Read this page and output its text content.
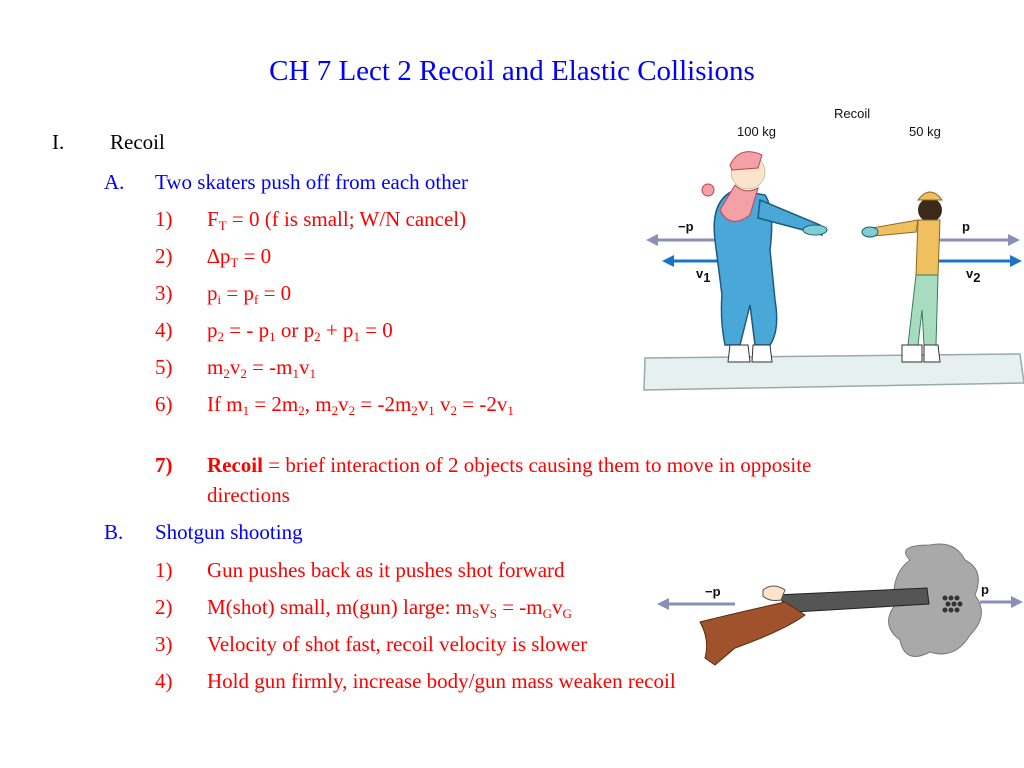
CH 7 Lect 2 Recoil and Elastic Collisions
I. Recoil
A. Two skaters push off from each other
1) $F_T = 0$ (f is small; W/N cancel)
2) $\Delta p_T = 0$
3) $p_i = p_f = 0$
4) $p_2$ = - $p_1$ or $p_2 + p_1 = 0$
5) $m_2v_2 = -m_1v_1$
6) If $m_1 = 2m_2$, $m_2v_2 = -2m_2v_1$ $v_2 = -2v_1$
7) Recoil = brief interaction of 2 objects causing them to move in opposite
directions
B. Shotgun shooting
1) Gun pushes back as it pushes shot forward
2) M(shot) small, m(gun) large: $m_Sv_S = -m_Gv_G$
3) Velocity of shot fast, recoil velocity is slower
4) Hold gun firmly, increase body/gun mass weaken recoil
Recoil
100 kg	50 kg
−p	p
$v_1$	$v_2$
−p	p
